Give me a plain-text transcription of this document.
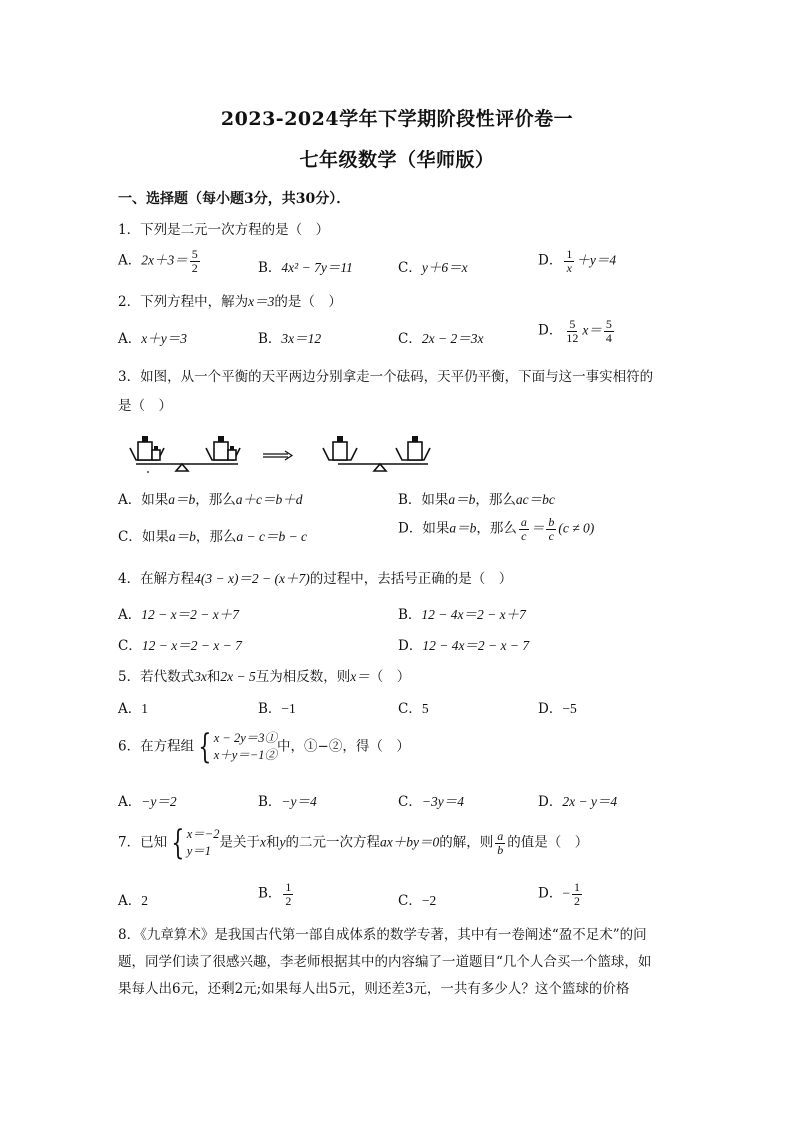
2023-2024学年下学期阶段性评价卷一
七年级数学（华师版）
一、选择题（每小题3分，共30分）．
1．下列是二元一次方程的是（　）
A．$2x+3= \frac{5}{2}$	B．4x² − 7y＝11	C．y＋6＝x	D． $\frac{1}{x} +y=4$
2．下列方程中，解为x＝3的是（　）
A．x＋y＝3	B．3x＝12	C．2x − 2＝3x	D． $\frac{5}{12} x= \frac{5}{4}$
3．如图，从一个平衡的天平两边分别拿走一个砝码，天平仍平衡，下面与这一事实相符的
是（　）
A．如果a＝b，那么a＋c＝b＋d	B．如果a＝b，那么ac＝bc
C．如果a＝b，那么a − c＝b − c	D．如果a＝b，那么 $\frac{a}{c} = \frac{b}{c} (c \ne 0)$
4．在解方程4(3 − x)＝2 − (x＋7)的过程中，去括号正确的是（　）
A．12 − x＝2 − x＋7	B．12 − 4x＝2 − x＋7
C．12 − x＝2 − x − 7	D．12 − 4x＝2 − x − 7
5．若代数式3x和2x − 5互为相反数，则x＝（　）
A．1	B．−1	C．5	D．−5
6．在方程组 { x − 2y＝3①
x＋y＝−1②
中，①−②，得（　）
A．−y＝2	B．−y＝4	C．−3y＝4	D．2x − y＝4
7．已知 { x＝−2
y＝1
是关于x和y的二元一次方程ax＋by＝0的解，则 $\frac{a}{b}$ 的值是（　）
A．2	B． $\frac{1}{2}$	C．−2	D．− $\frac{1}{2}$
8．《九章算术》是我国古代第一部自成体系的数学专著，其中有一卷阐述“盈不足术”的问
题，同学们读了很感兴趣，李老师根据其中的内容编了一道题目“几个人合买一个篮球，如
果每人出6元，还剩2元;如果每人出5元，则还差3元，一共有多少人？这个篮球的价格
